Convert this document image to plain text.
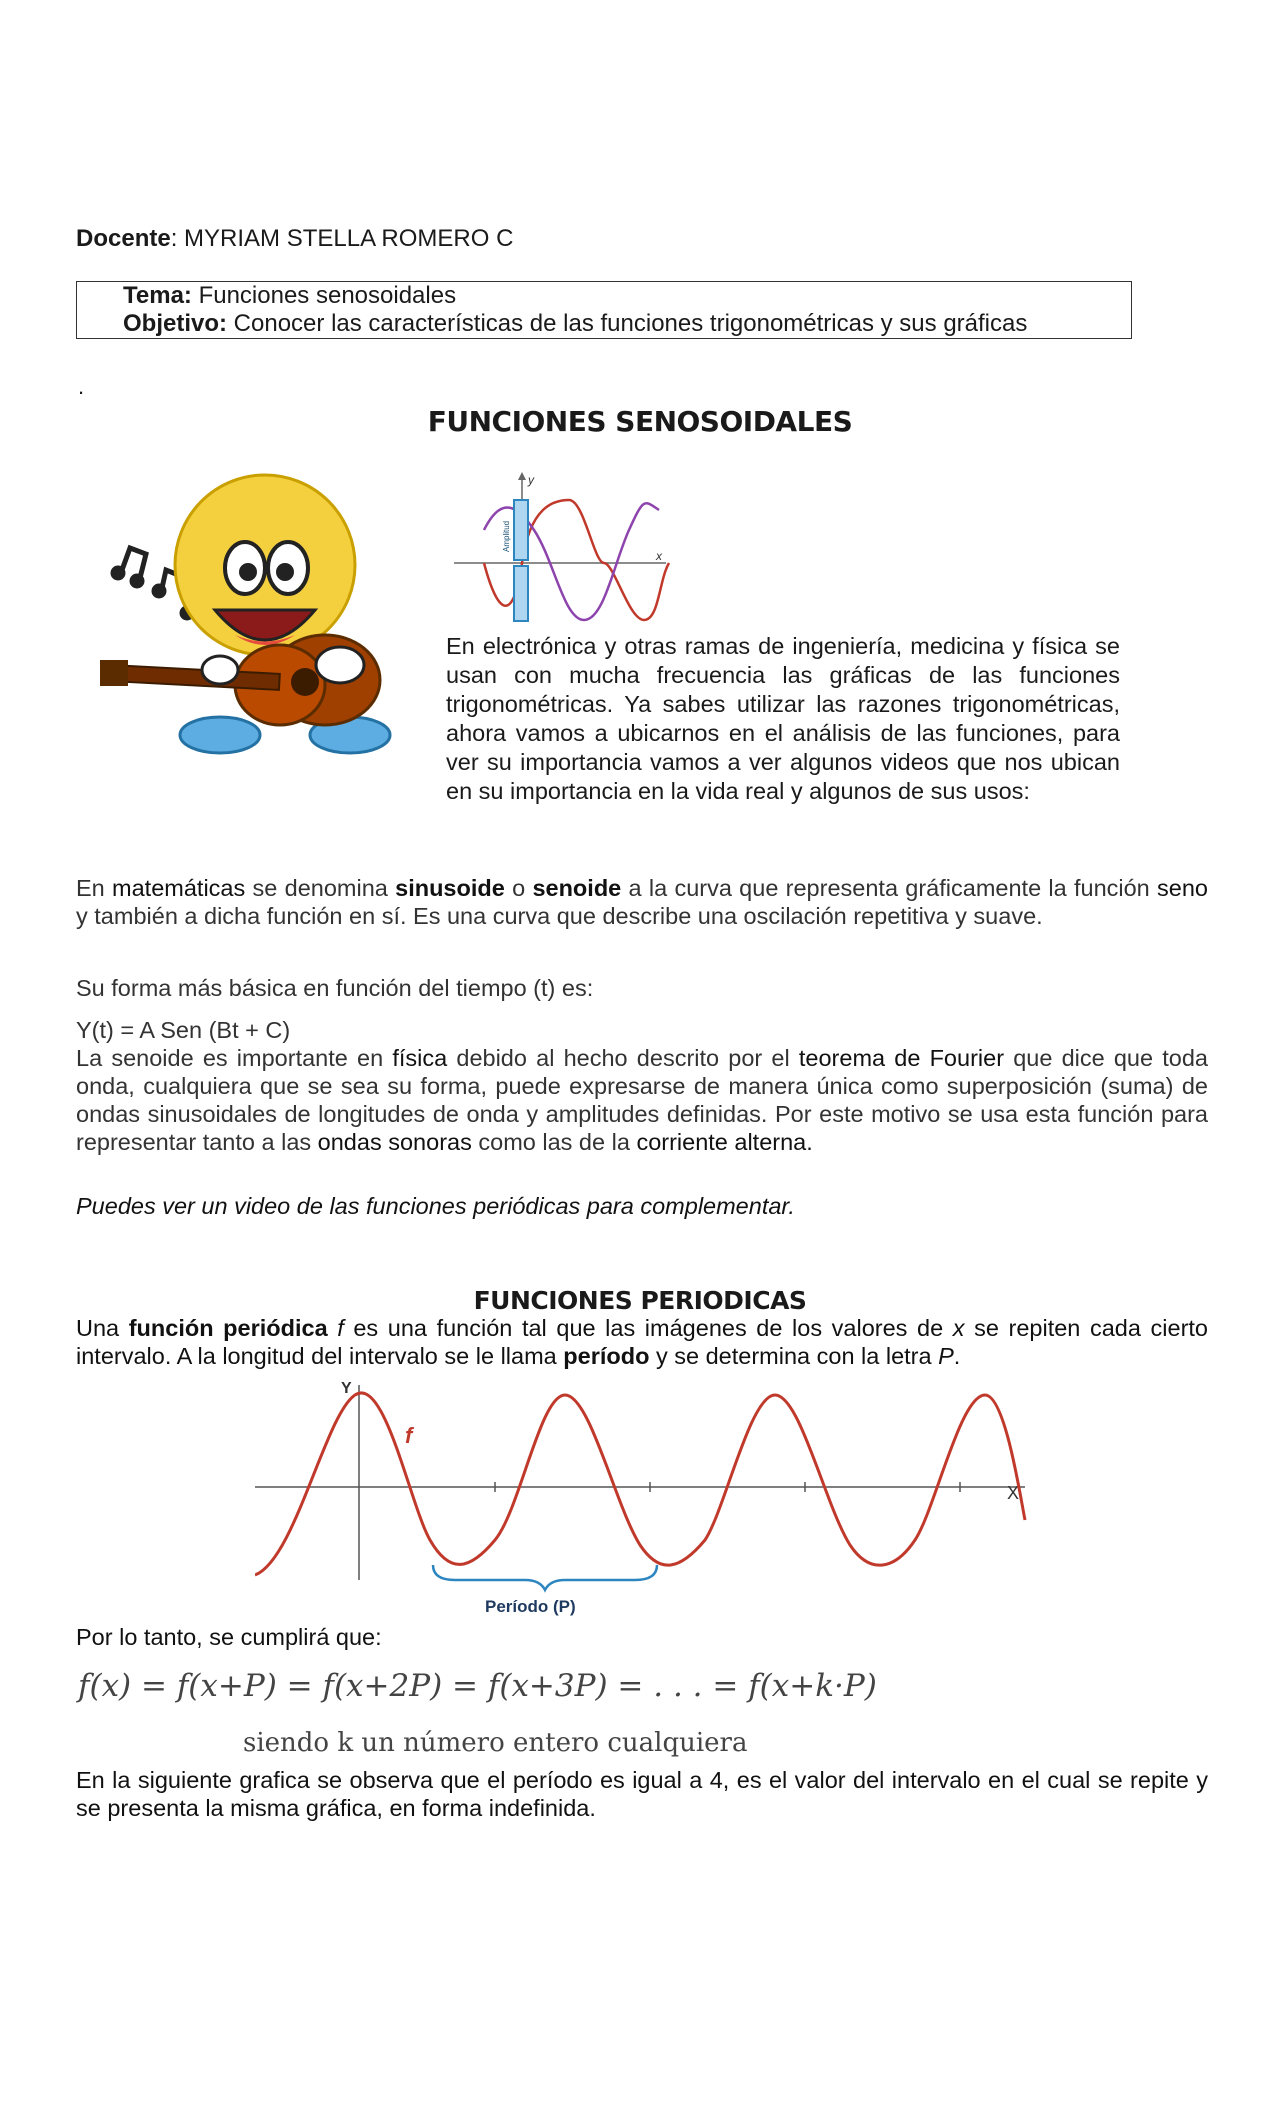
Docente: MYRIAM STELLA ROMERO C
Tema: Funciones senosoidales
Objetivo: Conocer las características de las funciones trigonométricas y sus gráficas
.
FUNCIONES SENOSOIDALES
y
x
Amplitud
En electrónica y otras ramas de ingeniería, medicina y física se usan con mucha frecuencia las gráficas de las funciones trigonométricas. Ya sabes utilizar las razones trigonométricas, ahora vamos a ubicarnos en el análisis de las funciones, para ver su importancia vamos a ver algunos videos que nos ubican en su importancia en la vida real y algunos de sus usos:
En matemáticas se denomina sinusoide o senoide a la curva que representa gráficamente la función seno y también a dicha función en sí. Es una curva que describe una oscilación repetitiva y suave.
Su forma más básica en función del tiempo (t) es:
Y(t) = A Sen (Bt + C)
La senoide es importante en física debido al hecho descrito por el teorema de Fourier que dice que toda onda, cualquiera que se sea su forma, puede expresarse de manera única como superposición (suma) de ondas sinusoidales de longitudes de onda y amplitudes definidas. Por este motivo se usa esta función para representar tanto a las ondas sonoras como las de la corriente alterna.
Puedes ver un video de las funciones periódicas para complementar.
FUNCIONES PERIODICAS
Una función periódica f es una función tal que las imágenes de los valores de x se repiten cada cierto intervalo. A la longitud del intervalo se le llama período y se determina con la letra P.
Y
X
f
Período (P)
Por lo tanto, se cumplirá que:
f(x) = f(x+P) = f(x+2P) = f(x+3P) = . . . = f(x+k·P)
siendo k un número entero cualquiera
En la siguiente grafica se observa que el período es igual a 4, es el valor del intervalo en el cual se repite y se presenta la misma gráfica, en forma indefinida.
